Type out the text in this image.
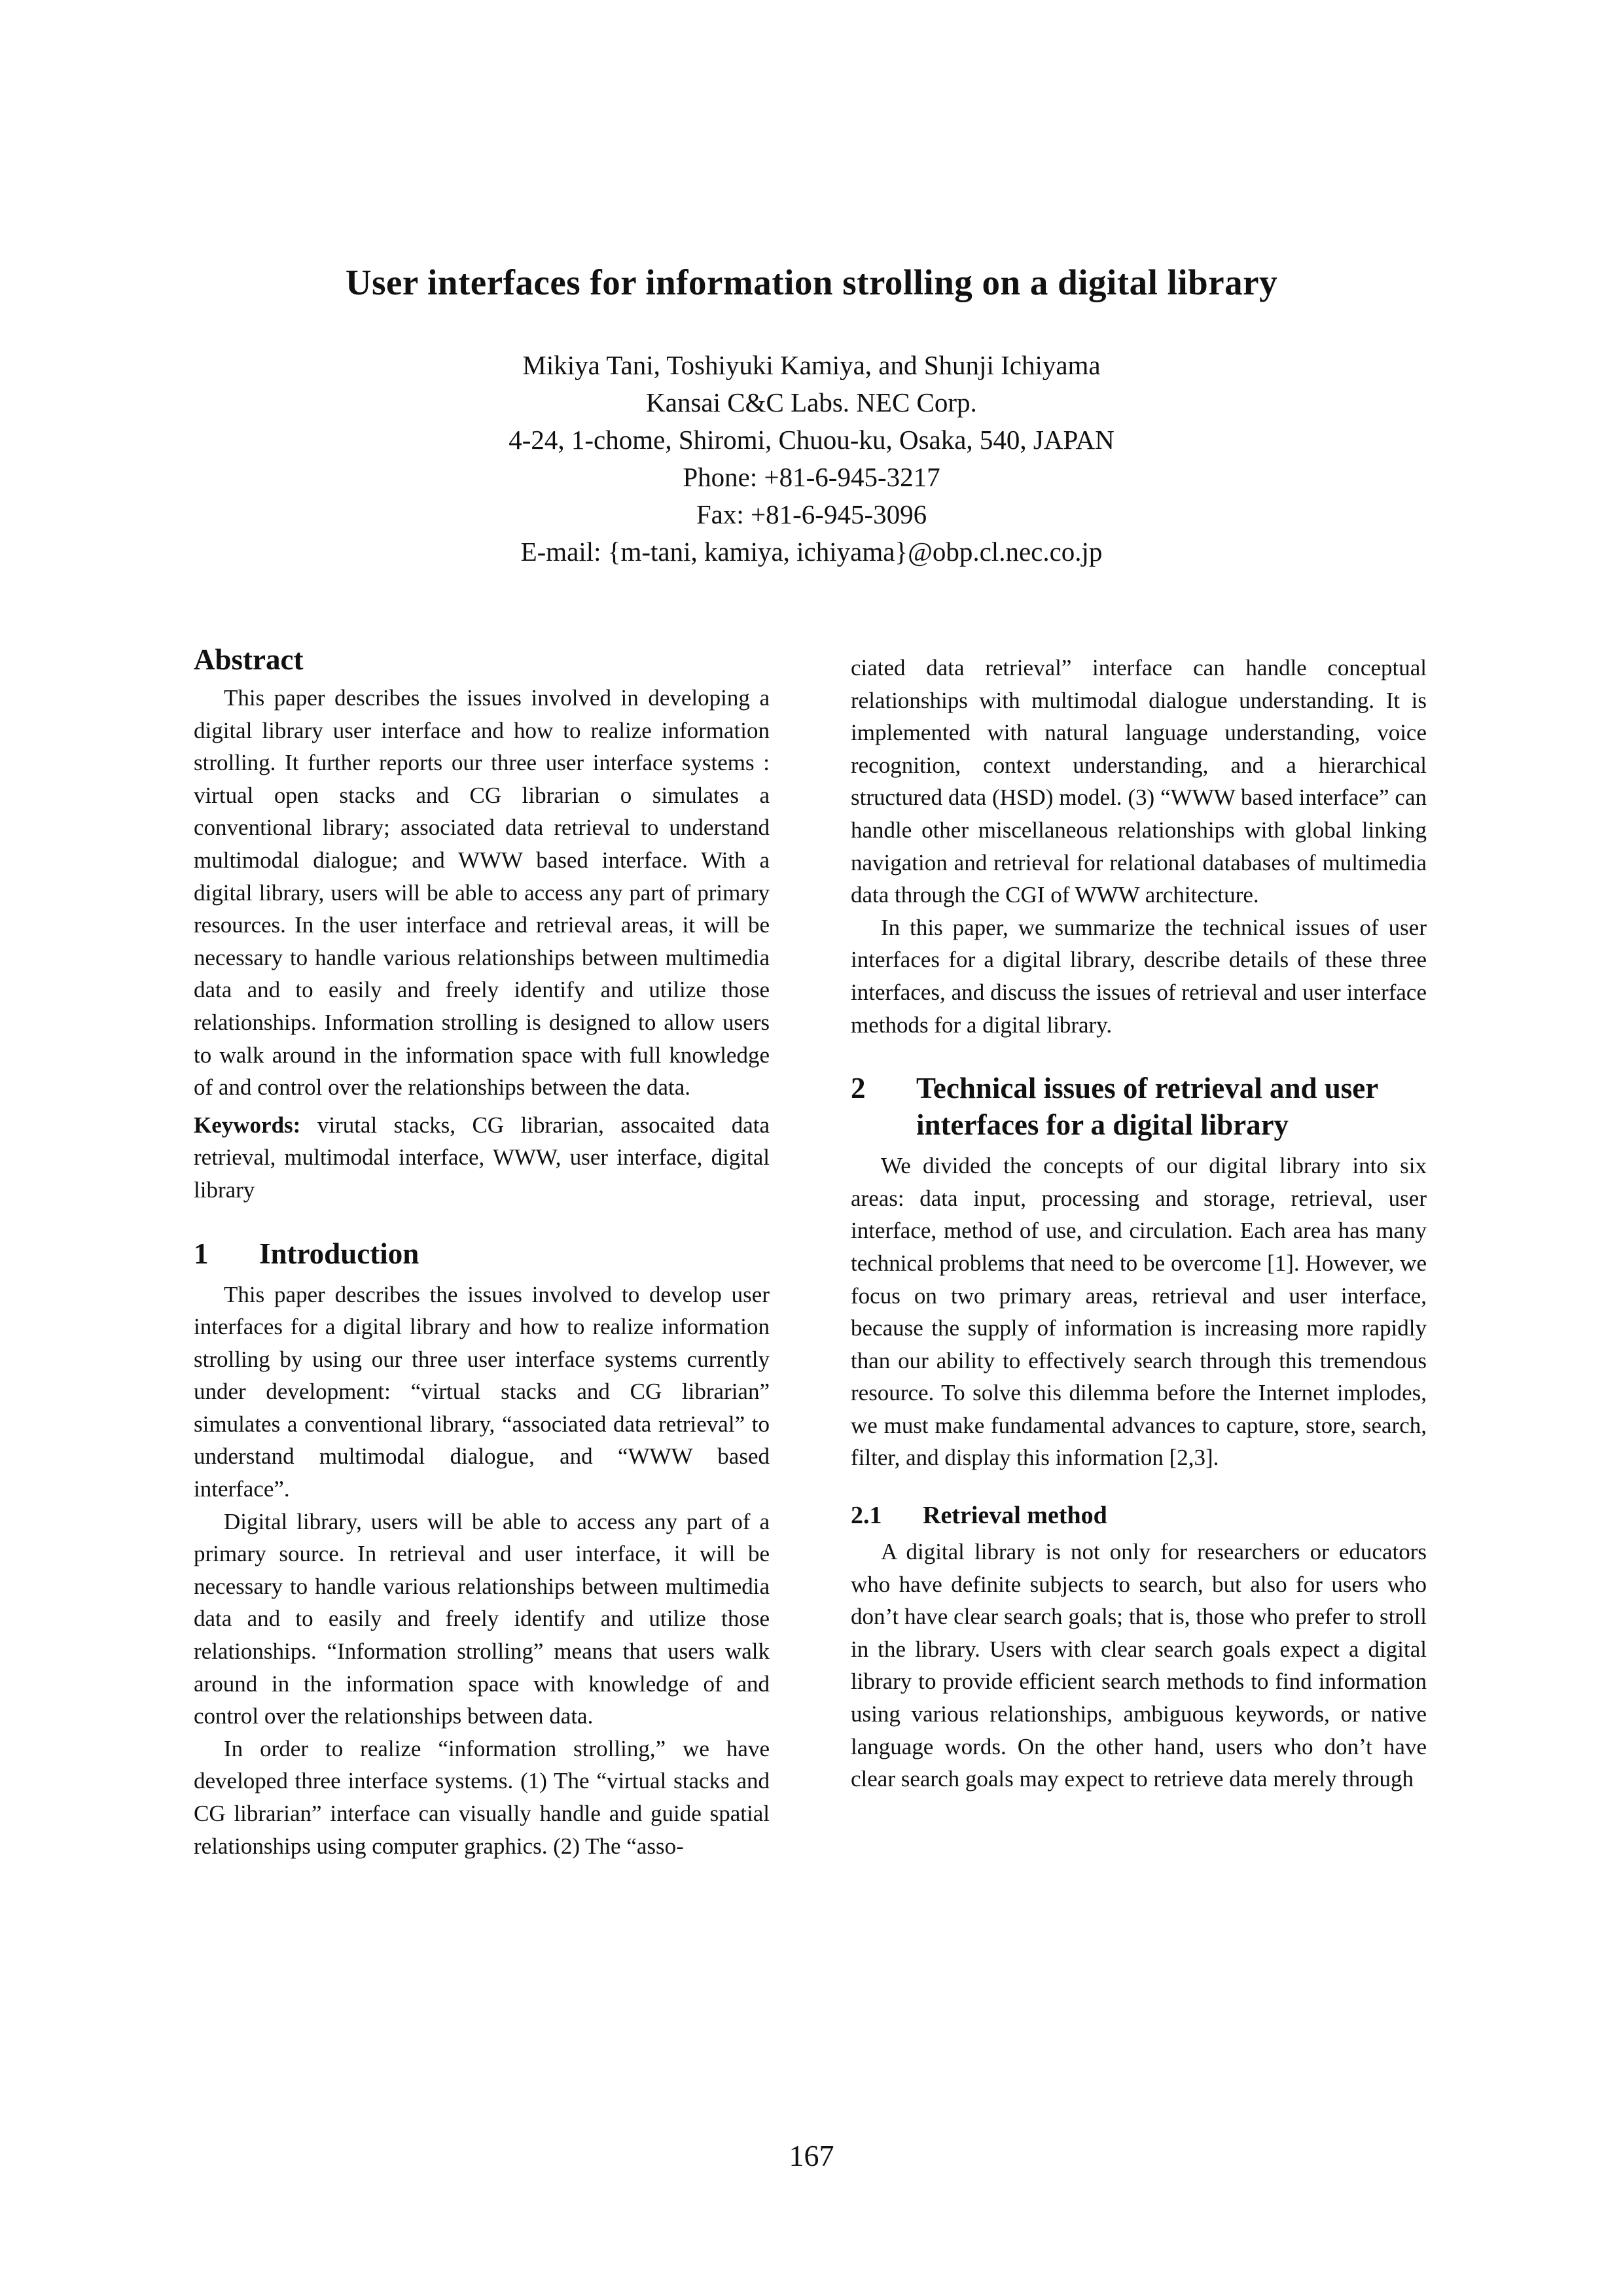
User interfaces for information strolling on a digital library
Mikiya Tani, Toshiyuki Kamiya, and Shunji Ichiyama
Kansai C&C Labs. NEC Corp.
4-24, 1-chome, Shiromi, Chuou-ku, Osaka, 540, JAPAN
Phone: +81-6-945-3217
Fax: +81-6-945-3096
E-mail: {m-tani, kamiya, ichiyama}@obp.cl.nec.co.jp
Abstract

This paper describes the issues involved in developing a digital library user interface and how to realize information strolling. It further reports our three user interface systems : virtual open stacks and CG librarian o simulates a conventional library; associated data retrieval to understand multimodal dialogue; and WWW based interface. With a digital library, users will be able to access any part of primary resources. In the user interface and retrieval areas, it will be necessary to handle various relationships between multimedia data and to easily and freely identify and utilize those relationships. Information strolling is designed to allow users to walk around in the information space with full knowledge of and control over the relationships between the data.

Keywords: virutal stacks, CG librarian, assocaited data retrieval, multimodal interface, WWW, user interface, digital library

1	Introduction

This paper describes the issues involved to develop user interfaces for a digital library and how to realize information strolling by using our three user interface systems currently under development: “virtual stacks and CG librarian” simulates a conventional library, “associated data retrieval” to understand multimodal dialogue, and “WWW based interface”.

Digital library, users will be able to access any part of a primary source. In retrieval and user interface, it will be necessary to handle various relationships between multimedia data and to easily and freely identify and utilize those relationships. “Information strolling” means that users walk around in the information space with knowledge of and control over the relationships between data.

In order to realize “information strolling,” we have developed three interface systems. (1) The “virtual stacks and CG librarian” interface can visually handle and guide spatial relationships using computer graphics. (2) The “asso-

ciated data retrieval” interface can handle conceptual relationships with multimodal dialogue understanding. It is implemented with natural language understanding, voice recognition, context understanding, and a hierarchical structured data (HSD) model. (3) “WWW based interface” can handle other miscellaneous relationships with global linking navigation and retrieval for relational databases of multimedia data through the CGI of WWW architecture.

In this paper, we summarize the technical issues of user interfaces for a digital library, describe details of these three interfaces, and discuss the issues of retrieval and user interface methods for a digital library.

2	Technical issues of retrieval and user interfaces for a digital library

We divided the concepts of our digital library into six areas: data input, processing and storage, retrieval, user interface, method of use, and circulation. Each area has many technical problems that need to be overcome [1]. However, we focus on two primary areas, retrieval and user interface, because the supply of information is increasing more rapidly than our ability to effectively search through this tremendous resource. To solve this dilemma before the Internet implodes, we must make fundamental advances to capture, store, search, filter, and display this information [2,3].

2.1	Retrieval method

A digital library is not only for researchers or educators who have definite subjects to search, but also for users who don’t have clear search goals; that is, those who prefer to stroll in the library. Users with clear search goals expect a digital library to provide efficient search methods to find information using various relationships, ambiguous keywords, or native language words. On the other hand, users who don’t have clear search goals may expect to retrieve data merely through

167
